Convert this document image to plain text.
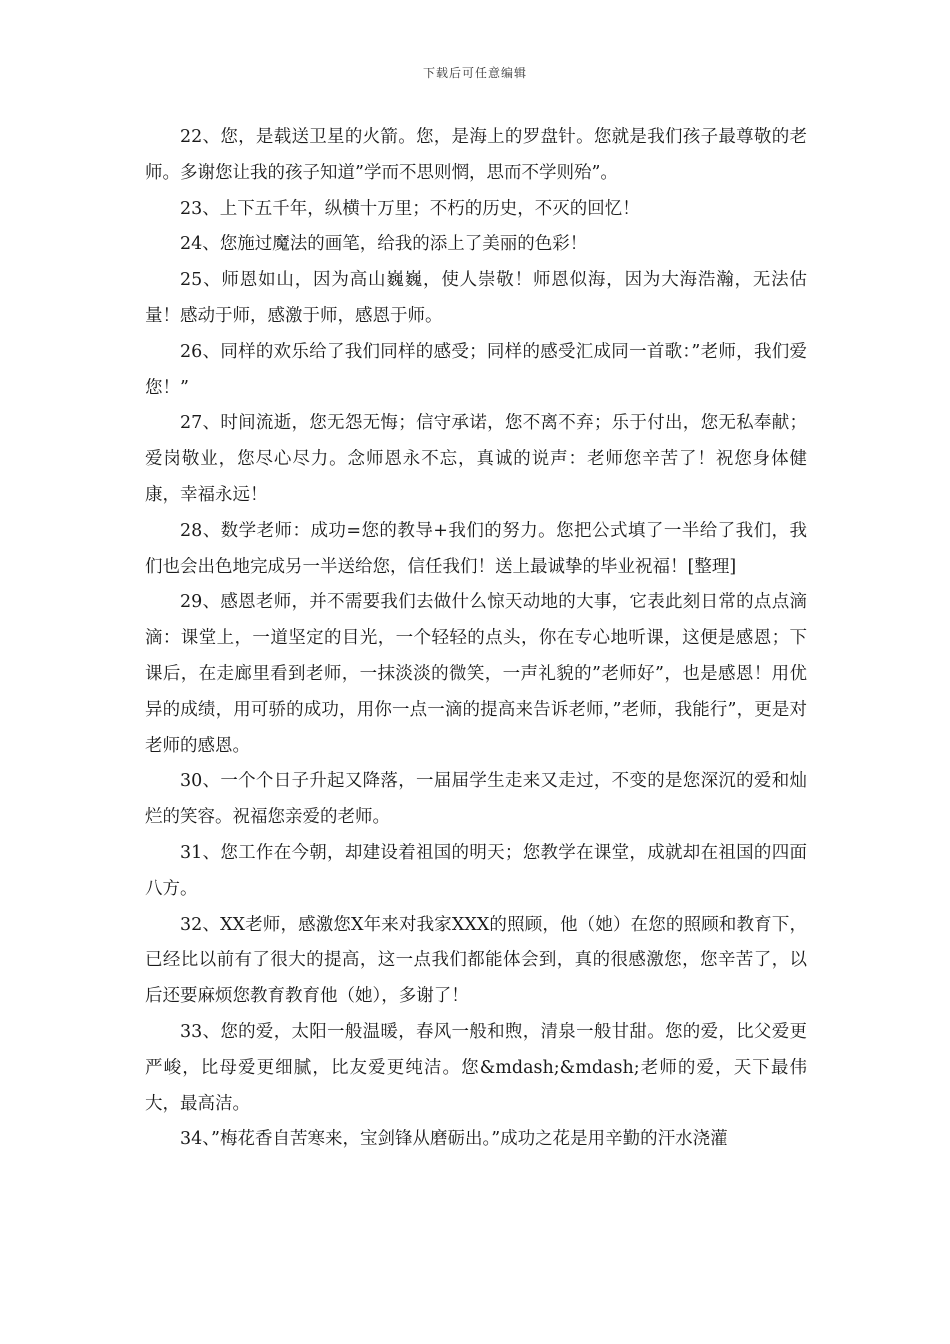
下载后可任意编辑

22、您，是载送卫星的火箭。您，是海上的罗盘针。您就是我们孩子最尊敬的老师。多谢您让我的孩子知道”学而不思则惘，思而不学则殆”。

23、上下五千年，纵横十万里；不朽的历史，不灭的回忆！

24、您施过魔法的画笔，给我的添上了美丽的色彩！

25、师恩如山，因为高山巍巍，使人崇敬！师恩似海，因为大海浩瀚，无法估量！感动于师，感激于师，感恩于师。

26、同样的欢乐给了我们同样的感受；同样的感受汇成同一首歌：”老师，我们爱您！”

27、时间流逝，您无怨无悔；信守承诺，您不离不弃；乐于付出，您无私奉献；爱岗敬业，您尽心尽力。念师恩永不忘，真诚的说声：老师您辛苦了！祝您身体健康，幸福永远！

28、数学老师：成功=您的教导+我们的努力。您把公式填了一半给了我们，我们也会出色地完成另一半送给您，信任我们！送上最诚挚的毕业祝福！[整理]

29、感恩老师，并不需要我们去做什么惊天动地的大事，它表此刻日常的点点滴滴：课堂上，一道坚定的目光，一个轻轻的点头，你在专心地听课，这便是感恩；下课后，在走廊里看到老师，一抹淡淡的微笑，一声礼貌的”老师好”，也是感恩！用优异的成绩，用可骄的成功，用你一点一滴的提高来告诉老师，”老师，我能行”，更是对老师的感恩。

30、一个个日子升起又降落，一届届学生走来又走过，不变的是您深沉的爱和灿烂的笑容。祝福您亲爱的老师。

31、您工作在今朝，却建设着祖国的明天；您教学在课堂，成就却在祖国的四面八方。

32、XX老师，感激您X年来对我家XXX的照顾，他（她）在您的照顾和教育下，已经比以前有了很大的提高，这一点我们都能体会到，真的很感激您，您辛苦了，以后还要麻烦您教育教育他（她），多谢了！

33、您的爱，太阳一般温暖，春风一般和煦，清泉一般甘甜。您的爱，比父爱更严峻，比母爱更细腻，比友爱更纯洁。您&mdash;&mdash;老师的爱，天下最伟大，最高洁。

34、”梅花香自苦寒来，宝剑锋从磨砺出。”成功之花是用辛勤的汗水浇灌
